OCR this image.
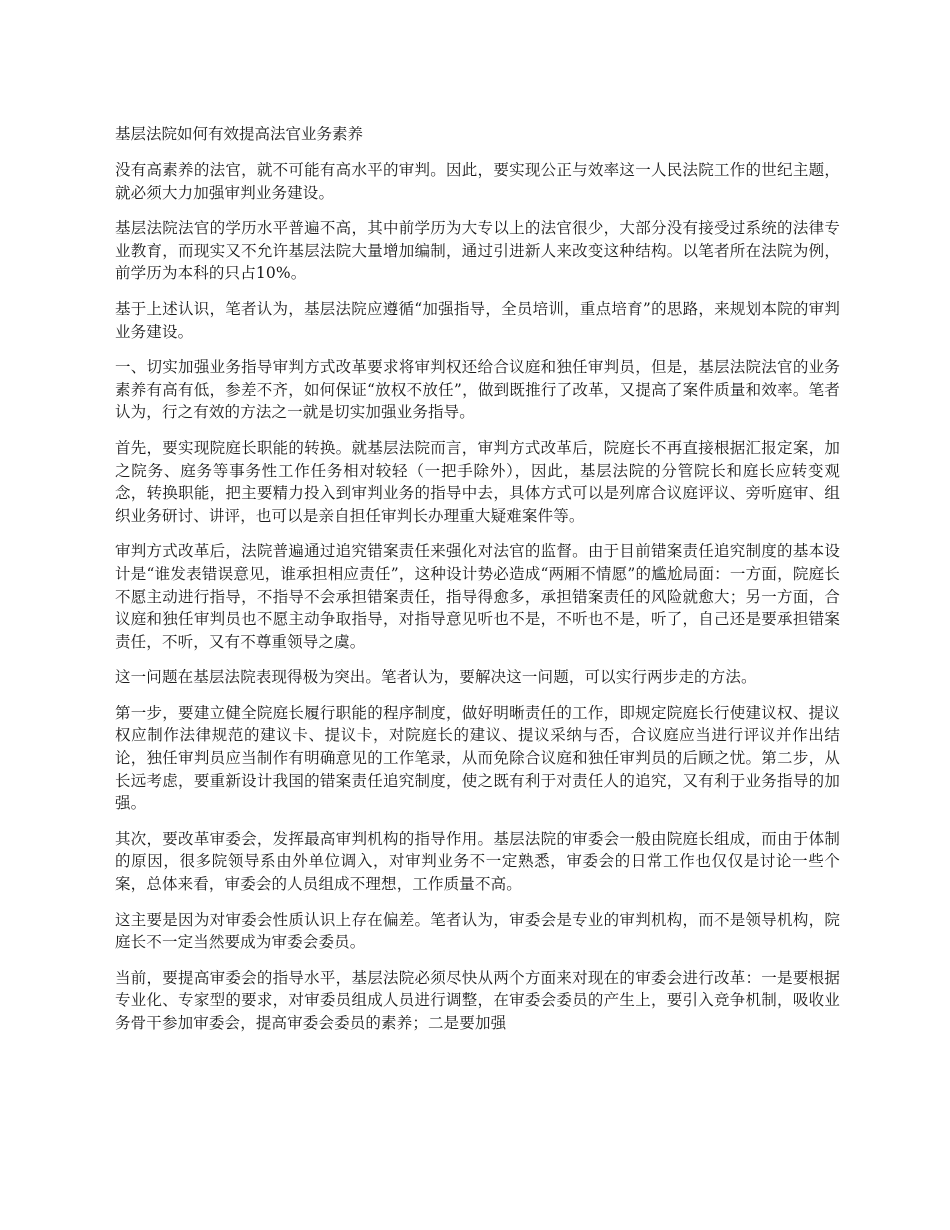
基层法院如何有效提高法官业务素养

没有高素养的法官，就不可能有高水平的审判。因此，要实现公正与效率这一人民法院工作的世纪主题，就必须大力加强审判业务建设。

基层法院法官的学历水平普遍不高，其中前学历为大专以上的法官很少，大部分没有接受过系统的法律专业教育，而现实又不允许基层法院大量增加编制，通过引进新人来改变这种结构。以笔者所在法院为例，前学历为本科的只占10%。

基于上述认识，笔者认为，基层法院应遵循“加强指导，全员培训，重点培育”的思路，来规划本院的审判业务建设。

一、切实加强业务指导审判方式改革要求将审判权还给合议庭和独任审判员，但是，基层法院法官的业务素养有高有低，参差不齐，如何保证“放权不放任”，做到既推行了改革，又提高了案件质量和效率。笔者认为，行之有效的方法之一就是切实加强业务指导。

首先，要实现院庭长职能的转换。就基层法院而言，审判方式改革后，院庭长不再直接根据汇报定案，加之院务、庭务等事务性工作任务相对较轻（一把手除外），因此，基层法院的分管院长和庭长应转变观念，转换职能，把主要精力投入到审判业务的指导中去，具体方式可以是列席合议庭评议、旁听庭审、组织业务研讨、讲评，也可以是亲自担任审判长办理重大疑难案件等。

审判方式改革后，法院普遍通过追究错案责任来强化对法官的监督。由于目前错案责任追究制度的基本设计是“谁发表错误意见，谁承担相应责任”，这种设计势必造成“两厢不情愿”的尴尬局面：一方面，院庭长不愿主动进行指导，不指导不会承担错案责任，指导得愈多，承担错案责任的风险就愈大；另一方面，合议庭和独任审判员也不愿主动争取指导，对指导意见听也不是，不听也不是，听了，自己还是要承担错案责任，不听，又有不尊重领导之虞。

这一问题在基层法院表现得极为突出。笔者认为，要解决这一问题，可以实行两步走的方法。

第一步，要建立健全院庭长履行职能的程序制度，做好明晰责任的工作，即规定院庭长行使建议权、提议权应制作法律规范的建议卡、提议卡，对院庭长的建议、提议采纳与否，合议庭应当进行评议并作出结论，独任审判员应当制作有明确意见的工作笔录，从而免除合议庭和独任审判员的后顾之忧。第二步，从长远考虑，要重新设计我国的错案责任追究制度，使之既有利于对责任人的追究，又有利于业务指导的加强。

其次，要改革审委会，发挥最高审判机构的指导作用。基层法院的审委会一般由院庭长组成，而由于体制的原因，很多院领导系由外单位调入，对审判业务不一定熟悉，审委会的日常工作也仅仅是讨论一些个案，总体来看，审委会的人员组成不理想，工作质量不高。

这主要是因为对审委会性质认识上存在偏差。笔者认为，审委会是专业的审判机构，而不是领导机构，院庭长不一定当然要成为审委会委员。

当前，要提高审委会的指导水平，基层法院必须尽快从两个方面来对现在的审委会进行改革：一是要根据专业化、专家型的要求，对审委员组成人员进行调整，在审委会委员的产生上，要引入竞争机制，吸收业务骨干参加审委会，提高审委会委员的素养；二是要加强
